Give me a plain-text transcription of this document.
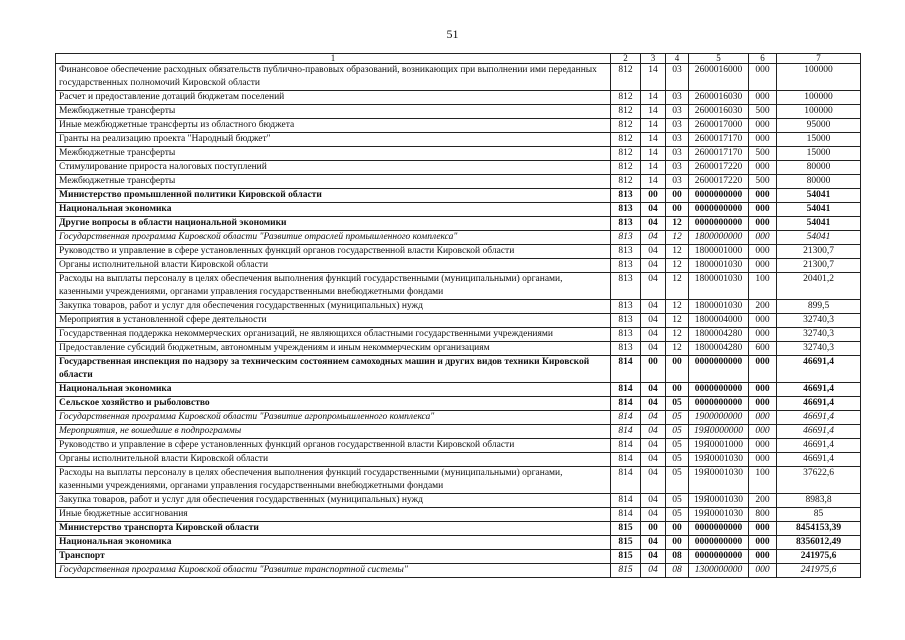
51
1	2	3	4	5	6	7
Финансовое обеспечение расходных обязательств публично-правовых образований, возникающих при выполнении ими переданных государственных полномочий Кировской области	812	14	03	2600016000	000	100000
Расчет и предоставление дотаций бюджетам поселений	812	14	03	2600016030	000	100000
Межбюджетные трансферты	812	14	03	2600016030	500	100000
Иные межбюджетные трансферты из областного бюджета	812	14	03	2600017000	000	95000
Гранты на реализацию проекта "Народный бюджет"	812	14	03	2600017170	000	15000
Межбюджетные трансферты	812	14	03	2600017170	500	15000
Стимулирование прироста налоговых поступлений	812	14	03	2600017220	000	80000
Межбюджетные трансферты	812	14	03	2600017220	500	80000
Министерство промышленной политики Кировской области	813	00	00	0000000000	000	54041
Национальная экономика	813	04	00	0000000000	000	54041
Другие вопросы в области национальной экономики	813	04	12	0000000000	000	54041
Государственная программа Кировской области "Развитие отраслей промышленного комплекса"	813	04	12	1800000000	000	54041
Руководство и управление в сфере установленных функций органов государственной власти Кировской области	813	04	12	1800001000	000	21300,7
Органы исполнительной власти Кировской области	813	04	12	1800001030	000	21300,7
Расходы на выплаты персоналу в целях обеспечения выполнения функций государственными (муниципальными) органами, казенными учреждениями, органами управления государственными внебюджетными фондами	813	04	12	1800001030	100	20401,2
Закупка товаров, работ и услуг для обеспечения государственных (муниципальных) нужд	813	04	12	1800001030	200	899,5
Мероприятия в установленной сфере деятельности	813	04	12	1800004000	000	32740,3
Государственная поддержка некоммерческих организаций, не являющихся областными государственными учреждениями	813	04	12	1800004280	000	32740,3
Предоставление субсидий бюджетным, автономным учреждениям и иным некоммерческим организациям	813	04	12	1800004280	600	32740,3
Государственная инспекция по надзору за техническим состоянием самоходных машин и других видов техники Кировской области	814	00	00	0000000000	000	46691,4
Национальная экономика	814	04	00	0000000000	000	46691,4
Сельское хозяйство и рыболовство	814	04	05	0000000000	000	46691,4
Государственная программа Кировской области "Развитие агропромышленного комплекса"	814	04	05	1900000000	000	46691,4
Мероприятия, не вошедшие в подпрограммы	814	04	05	19Я0000000	000	46691,4
Руководство и управление в сфере установленных функций органов государственной власти Кировской области	814	04	05	19Я0001000	000	46691,4
Органы исполнительной власти Кировской области	814	04	05	19Я0001030	000	46691,4
Расходы на выплаты персоналу в целях обеспечения выполнения функций государственными (муниципальными) органами, казенными учреждениями, органами управления государственными внебюджетными фондами	814	04	05	19Я0001030	100	37622,6
Закупка товаров, работ и услуг для обеспечения государственных (муниципальных) нужд	814	04	05	19Я0001030	200	8983,8
Иные бюджетные ассигнования	814	04	05	19Я0001030	800	85
Министерство транспорта Кировской области	815	00	00	0000000000	000	8454153,39
Национальная экономика	815	04	00	0000000000	000	8356012,49
Транспорт	815	04	08	0000000000	000	241975,6
Государственная программа Кировской области "Развитие транспортной системы"	815	04	08	1300000000	000	241975,6
